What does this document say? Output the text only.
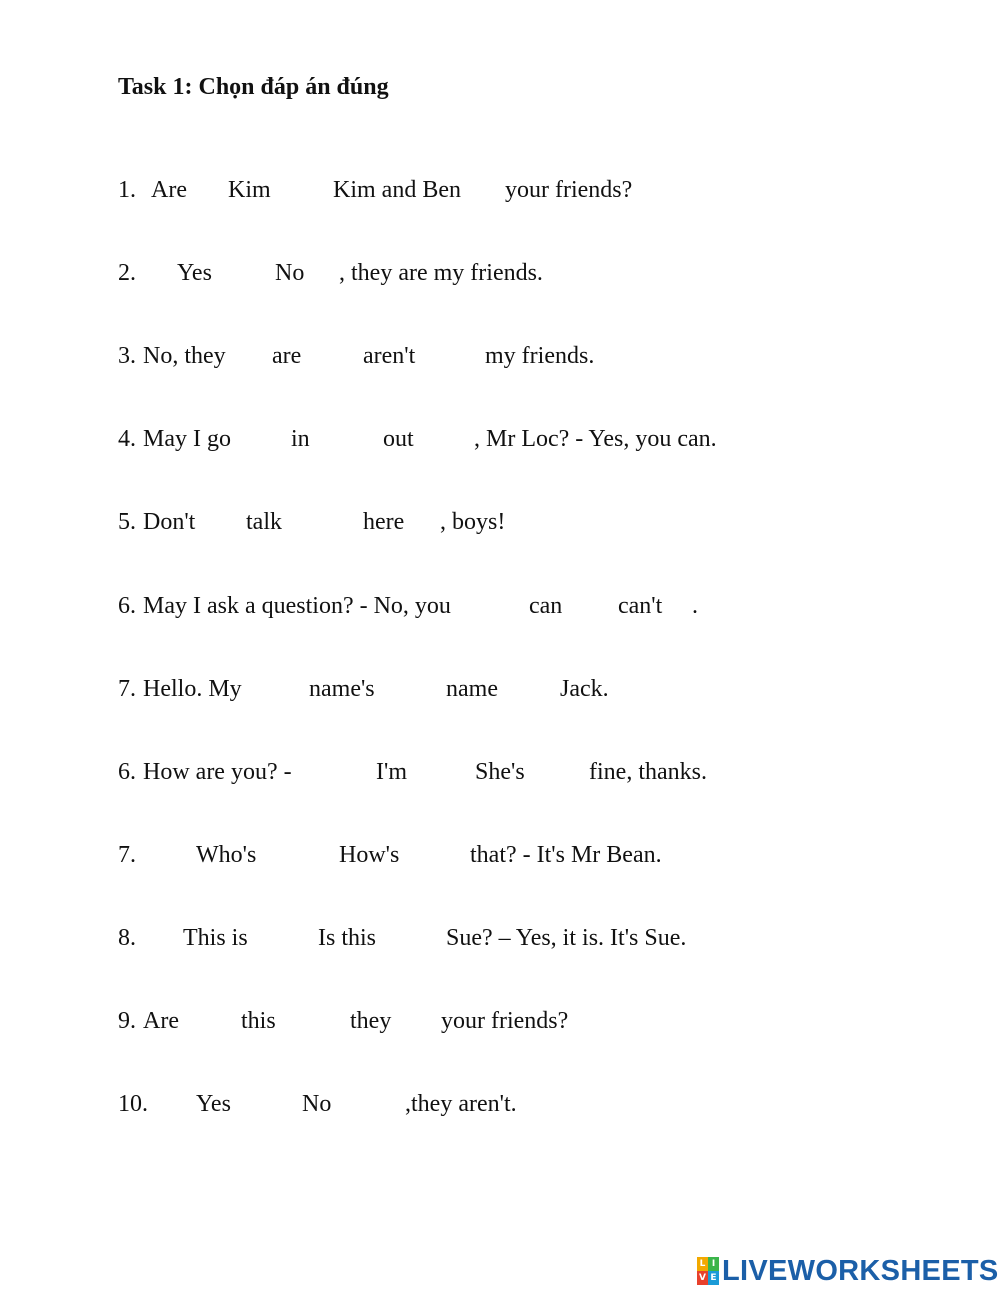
Task 1: Chọn đáp án đúng
1. Are Kim	Kim and Ben your friends?
2. Yes	No , they are my friends.
3. No, they are	aren't	my friends.
4. May I go	in	out	, Mr Loc? - Yes, you can.
5. Don't talk	here , boys!
6. May I ask a question? - No, you	can can't .
7. Hello. My	name's	name	Jack.
6. How are you? -	I'm	She's	fine, thanks.
7.	Who's	How's	that? - It's Mr Bean.
8. This is	Is this	Sue? – Yes, it is. It's Sue.
9. Are	this	they your friends?
10. Yes	No	,they aren't.
L I
V E LIVEWORKSHEETS
